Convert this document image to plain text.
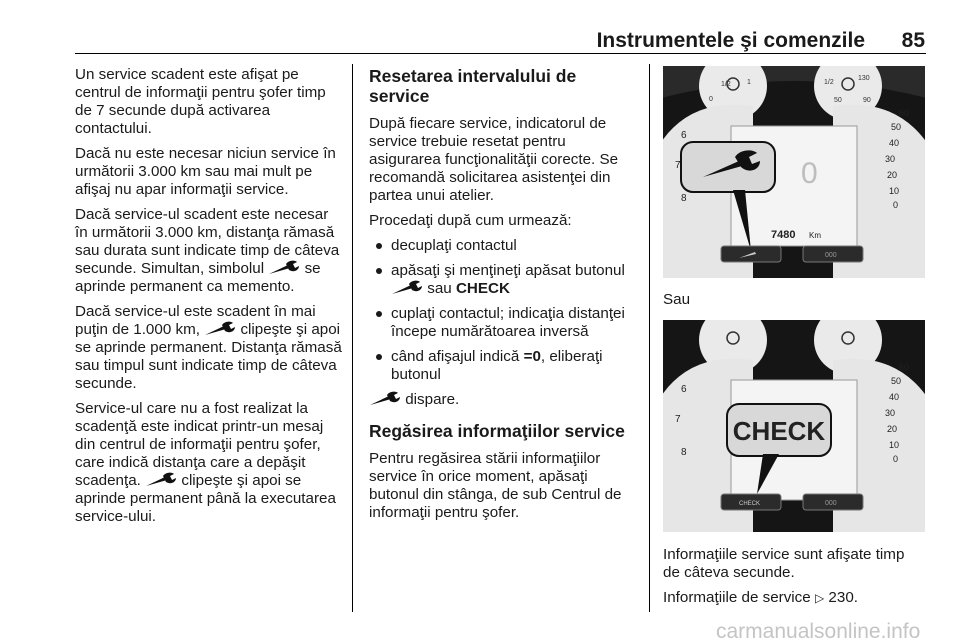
Instrumentele şi comenzile	85

Un service scadent este afişat pe centrul de informaţii pentru şofer timp de 7 secunde după activarea contactului.

Dacă nu este necesar niciun service în următorii 3.000 km sau mai mult pe afişaj nu apar informaţii service.

Dacă service-ul scadent este necesar în următorii 3.000 km, distanţa rămasă sau durata sunt indicate timp de câteva secunde. Simultan, simbolul	se aprinde permanent ca memento.

Dacă service-ul este scadent în mai puţin de 1.000 km,	clipeşte şi apoi se aprinde permanent. Distanţa rămasă sau timpul sunt indicate timp de câteva secunde.

Service-ul care nu a fost realizat la scadenţă este indicat printr-un mesaj din centrul de informaţii pentru şofer, care indică distanţa care a depăşit scadenţa.	clipeşte şi apoi se aprinde permanent până la executarea service-ului.

Resetarea intervalului de service

După fiecare service, indicatorul de service trebuie resetat pentru asigurarea funcţionalităţii corecte. Se recomandă solicitarea asistenţei din partea unui atelier.

Procedaţi după cum urmează:

decuplaţi contactul
apăsaţi şi menţineţi apăsat butonul  sau CHECK
cuplaţi contactul; indicaţia distanţei începe numărătoarea inversă
când afişajul indică =0, eliberaţi butonul

dispare.

Regăsirea informaţiilor service

Pentru regăsirea stării informaţiilor service în orice moment, apăsaţi butonul din stânga, de sub Centrul de informaţii pentru şofer.

1/2 1
0
1/2
130
50	90
6
7
8
60
50
40
30
20
10
0
0
7480 Km
000
Sau
6
7
8
60
50
40
30
20
10
0
CHECK
CHECK	000
Informaţiile service sunt afişate timp de câteva secunde.
Informaţiile de service ▷ 230.
carmanualsonline.info
